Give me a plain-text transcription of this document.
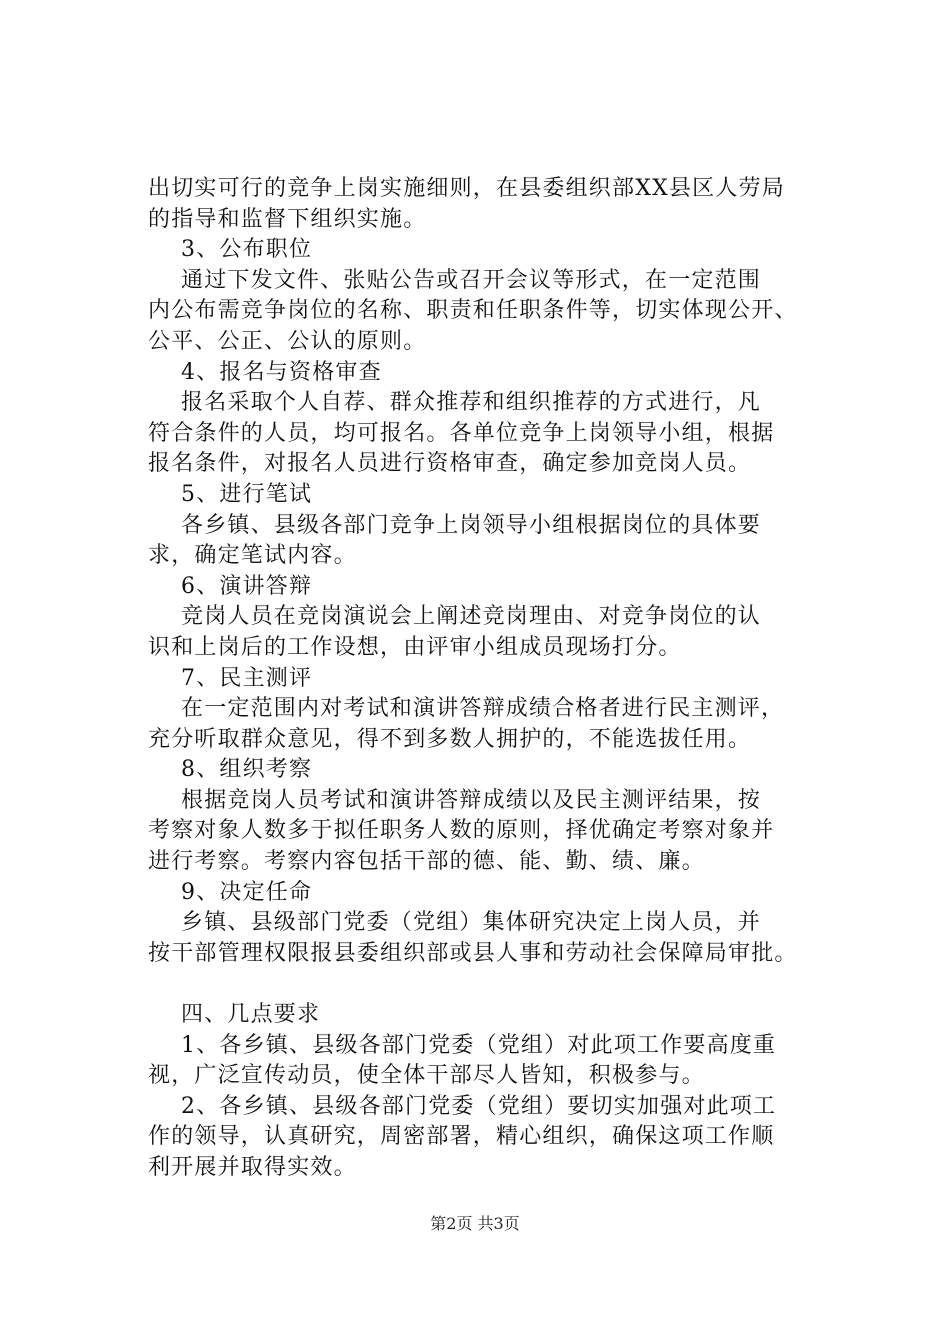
出切实可行的竞争上岗实施细则，在县委组织部XX县区人劳局
的指导和监督下组织实施。
3、公布职位
通过下发文件、张贴公告或召开会议等形式，在一定范围
内公布需竞争岗位的名称、职责和任职条件等，切实体现公开、
公平、公正、公认的原则。
4、报名与资格审查
报名采取个人自荐、群众推荐和组织推荐的方式进行，凡
符合条件的人员，均可报名。各单位竞争上岗领导小组，根据
报名条件，对报名人员进行资格审查，确定参加竞岗人员。
5、进行笔试
各乡镇、县级各部门竞争上岗领导小组根据岗位的具体要
求，确定笔试内容。
6、演讲答辩
竞岗人员在竞岗演说会上阐述竞岗理由、对竞争岗位的认
识和上岗后的工作设想，由评审小组成员现场打分。
7、民主测评
在一定范围内对考试和演讲答辩成绩合格者进行民主测评，
充分听取群众意见，得不到多数人拥护的，不能选拔任用。
8、组织考察
根据竞岗人员考试和演讲答辩成绩以及民主测评结果，按
考察对象人数多于拟任职务人数的原则，择优确定考察对象并
进行考察。考察内容包括干部的德、能、勤、绩、廉。
9、决定任命
乡镇、县级部门党委（党组）集体研究决定上岗人员，并
按干部管理权限报县委组织部或县人事和劳动社会保障局审批。
四、几点要求
1、各乡镇、县级各部门党委（党组）对此项工作要高度重
视，广泛宣传动员，使全体干部尽人皆知，积极参与。
2、各乡镇、县级各部门党委（党组）要切实加强对此项工
作的领导，认真研究，周密部署，精心组织，确保这项工作顺
利开展并取得实效。
第2页 共3页
